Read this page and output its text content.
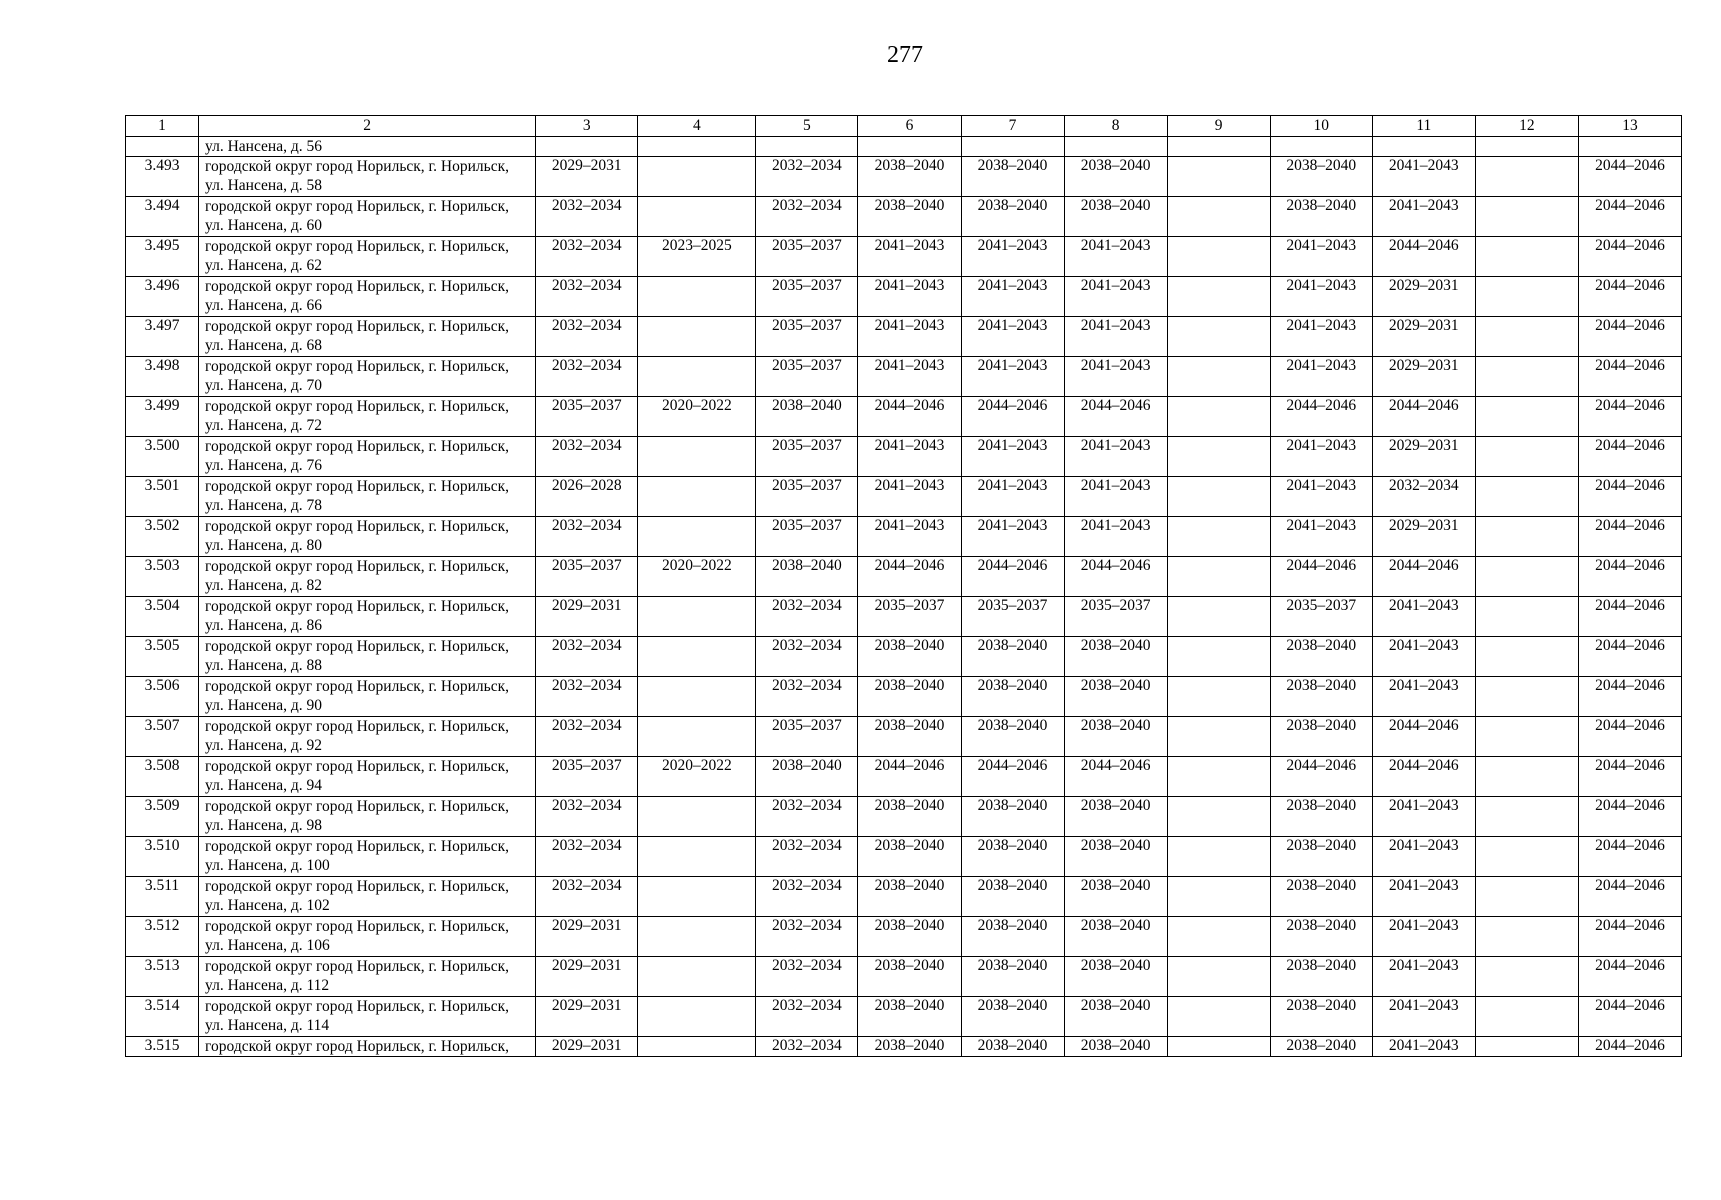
277
1	2	3	4	5	6	7	8	9	10	11	12	13
	ул. Нансена, д. 56											
3.493	городской округ город Норильск, г. Норильск, ул. Нансена, д. 58	2029–2031		2032–2034	2038–2040	2038–2040	2038–2040		2038–2040	2041–2043		2044–2046
3.494	городской округ город Норильск, г. Норильск, ул. Нансена, д. 60	2032–2034		2032–2034	2038–2040	2038–2040	2038–2040		2038–2040	2041–2043		2044–2046
3.495	городской округ город Норильск, г. Норильск, ул. Нансена, д. 62	2032–2034	2023–2025	2035–2037	2041–2043	2041–2043	2041–2043		2041–2043	2044–2046		2044–2046
3.496	городской округ город Норильск, г. Норильск, ул. Нансена, д. 66	2032–2034		2035–2037	2041–2043	2041–2043	2041–2043		2041–2043	2029–2031		2044–2046
3.497	городской округ город Норильск, г. Норильск, ул. Нансена, д. 68	2032–2034		2035–2037	2041–2043	2041–2043	2041–2043		2041–2043	2029–2031		2044–2046
3.498	городской округ город Норильск, г. Норильск, ул. Нансена, д. 70	2032–2034		2035–2037	2041–2043	2041–2043	2041–2043		2041–2043	2029–2031		2044–2046
3.499	городской округ город Норильск, г. Норильск, ул. Нансена, д. 72	2035–2037	2020–2022	2038–2040	2044–2046	2044–2046	2044–2046		2044–2046	2044–2046		2044–2046
3.500	городской округ город Норильск, г. Норильск, ул. Нансена, д. 76	2032–2034		2035–2037	2041–2043	2041–2043	2041–2043		2041–2043	2029–2031		2044–2046
3.501	городской округ город Норильск, г. Норильск, ул. Нансена, д. 78	2026–2028		2035–2037	2041–2043	2041–2043	2041–2043		2041–2043	2032–2034		2044–2046
3.502	городской округ город Норильск, г. Норильск, ул. Нансена, д. 80	2032–2034		2035–2037	2041–2043	2041–2043	2041–2043		2041–2043	2029–2031		2044–2046
3.503	городской округ город Норильск, г. Норильск, ул. Нансена, д. 82	2035–2037	2020–2022	2038–2040	2044–2046	2044–2046	2044–2046		2044–2046	2044–2046		2044–2046
3.504	городской округ город Норильск, г. Норильск, ул. Нансена, д. 86	2029–2031		2032–2034	2035–2037	2035–2037	2035–2037		2035–2037	2041–2043		2044–2046
3.505	городской округ город Норильск, г. Норильск, ул. Нансена, д. 88	2032–2034		2032–2034	2038–2040	2038–2040	2038–2040		2038–2040	2041–2043		2044–2046
3.506	городской округ город Норильск, г. Норильск, ул. Нансена, д. 90	2032–2034		2032–2034	2038–2040	2038–2040	2038–2040		2038–2040	2041–2043		2044–2046
3.507	городской округ город Норильск, г. Норильск, ул. Нансена, д. 92	2032–2034		2035–2037	2038–2040	2038–2040	2038–2040		2038–2040	2044–2046		2044–2046
3.508	городской округ город Норильск, г. Норильск, ул. Нансена, д. 94	2035–2037	2020–2022	2038–2040	2044–2046	2044–2046	2044–2046		2044–2046	2044–2046		2044–2046
3.509	городской округ город Норильск, г. Норильск, ул. Нансена, д. 98	2032–2034		2032–2034	2038–2040	2038–2040	2038–2040		2038–2040	2041–2043		2044–2046
3.510	городской округ город Норильск, г. Норильск, ул. Нансена, д. 100	2032–2034		2032–2034	2038–2040	2038–2040	2038–2040		2038–2040	2041–2043		2044–2046
3.511	городской округ город Норильск, г. Норильск, ул. Нансена, д. 102	2032–2034		2032–2034	2038–2040	2038–2040	2038–2040		2038–2040	2041–2043		2044–2046
3.512	городской округ город Норильск, г. Норильск, ул. Нансена, д. 106	2029–2031		2032–2034	2038–2040	2038–2040	2038–2040		2038–2040	2041–2043		2044–2046
3.513	городской округ город Норильск, г. Норильск, ул. Нансена, д. 112	2029–2031		2032–2034	2038–2040	2038–2040	2038–2040		2038–2040	2041–2043		2044–2046
3.514	городской округ город Норильск, г. Норильск, ул. Нансена, д. 114	2029–2031		2032–2034	2038–2040	2038–2040	2038–2040		2038–2040	2041–2043		2044–2046
3.515	городской округ город Норильск, г. Норильск,	2029–2031		2032–2034	2038–2040	2038–2040	2038–2040		2038–2040	2041–2043		2044–2046
